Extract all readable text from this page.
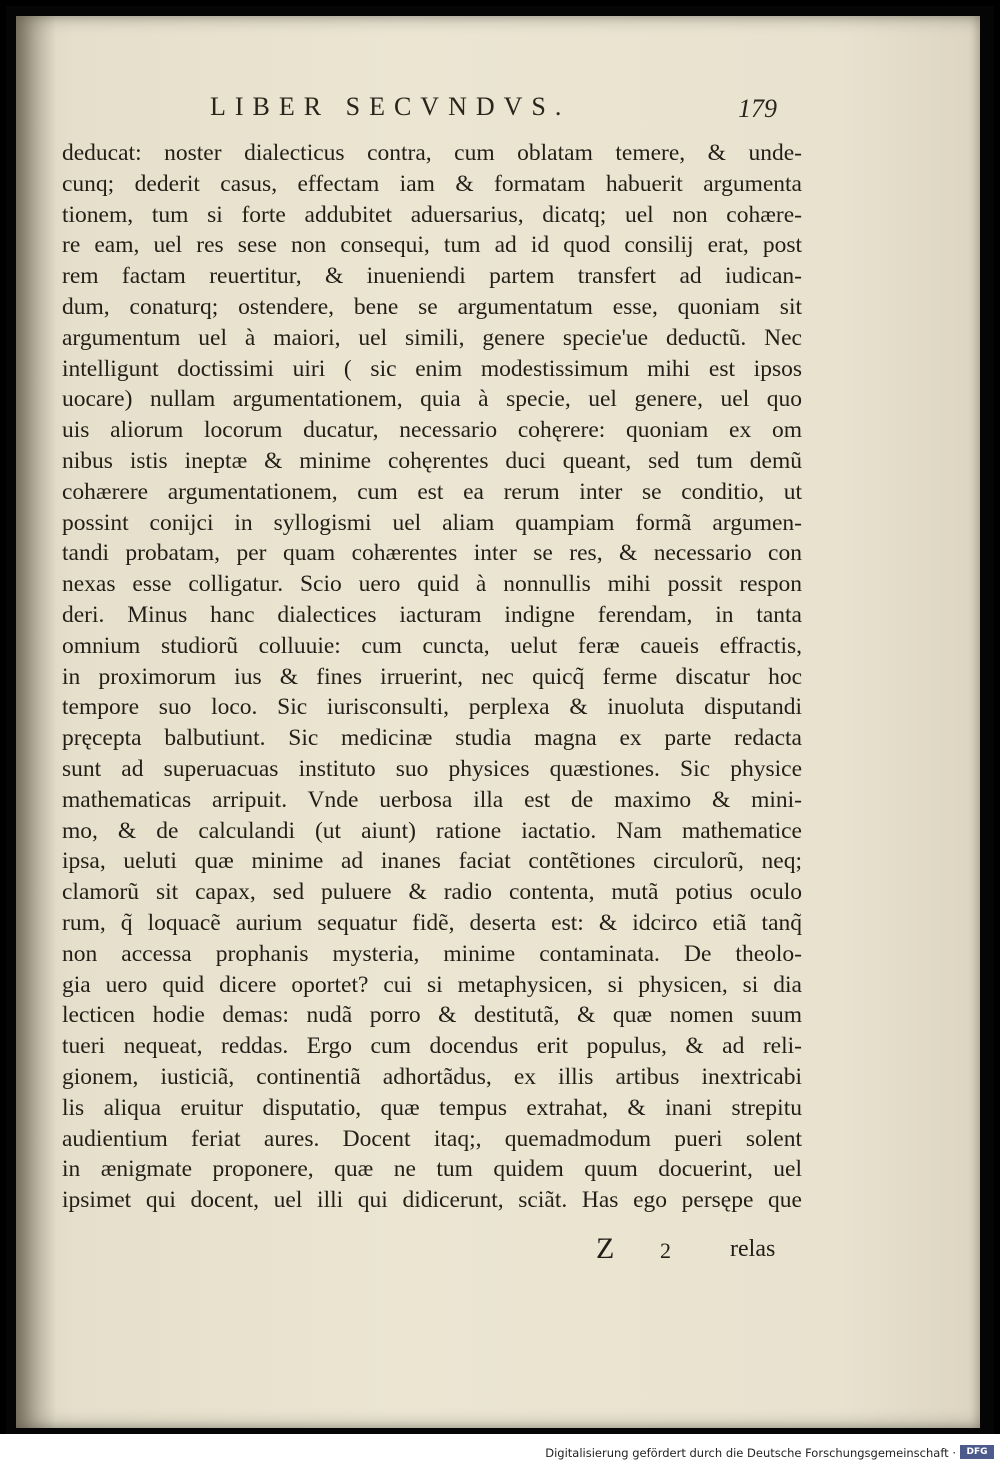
LIBER SECVNDVS.	179
deducat: noster dialecticus contra, cum oblatam temere, & unde-
cunq; dederit casus, effectam iam & formatam habuerit argumenta
tionem, tum si forte addubitet aduersarius, dicatq; uel non cohære-
re eam, uel res sese non consequi, tum ad id quod consilij erat, post
rem factam reuertitur, & inueniendi partem transfert ad iudican-
dum, conaturq; ostendere, bene se argumentatum esse, quoniam sit
argumentum uel à maiori, uel simili, genere specie'ue deductũ. Nec
intelligunt doctissimi uiri ( sic enim modestissimum mihi est ipsos
uocare) nullam argumentationem, quia à specie, uel genere, uel quo
uis aliorum locorum ducatur, necessario cohęrere: quoniam ex om
nibus istis ineptæ & minime cohęrentes duci queant, sed tum demũ
cohærere argumentationem, cum est ea rerum inter se conditio, ut
possint conijci in syllogismi uel aliam quampiam formã argumen-
tandi probatam, per quam cohærentes inter se res, & necessario con
nexas esse colligatur. Scio uero quid à nonnullis mihi possit respon
deri. Minus hanc dialectices iacturam indigne ferendam, in tanta
omnium studiorũ colluuie: cum cuncta, uelut feræ caueis effractis,
in proximorum ius & fines irruerint, nec quicq̃ ferme discatur hoc
tempore suo loco. Sic iurisconsulti, perplexa & inuoluta disputandi
pręcepta balbutiunt. Sic medicinæ studia magna ex parte redacta
sunt ad superuacuas instituto suo physices quæstiones. Sic physice
mathematicas arripuit. Vnde uerbosa illa est de maximo & mini-
mo, & de calculandi (ut aiunt) ratione iactatio. Nam mathematice
ipsa, ueluti quæ minime ad inanes faciat contẽtiones circulorũ, neq;
clamorũ sit capax, sed puluere & radio contenta, mutã potius oculo
rum, q̃ loquacẽ aurium sequatur fidẽ, deserta est: & idcirco etiã tanq̃
non accessa prophanis mysteria, minime contaminata. De theolo-
gia uero quid dicere oportet? cui si metaphysicen, si physicen, si dia
lecticen hodie demas: nudã porro & destitutã, & quæ nomen suum
tueri nequeat, reddas. Ergo cum docendus erit populus, & ad reli-
gionem, iusticiã, continentiã adhortãdus, ex illis artibus inextricabi
lis aliqua eruitur disputatio, quæ tempus extrahat, & inani strepitu
audientium feriat aures. Docent itaq;, quemadmodum pueri solent
in ænigmate proponere, quæ ne tum quidem quum docuerint, uel
ipsimet qui docent, uel illi qui didicerunt, sciãt. Has ego persępe que
Z 2 relas
Digitalisierung gefördert durch die Deutsche Forschungsgemeinschaft ·	DFG
